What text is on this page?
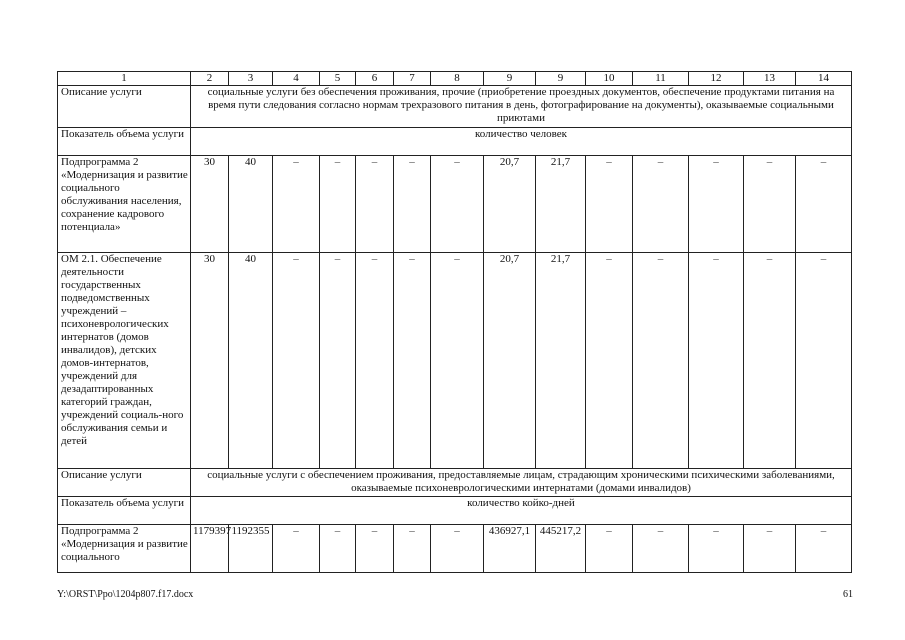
1	2	3	4	5	6	7	8	9	9	10	11	12	13	14
Описание услуги	социальные услуги без обеспечения проживания, прочие (приобретение проездных документов, обеспечение продуктами питания на время пути следования согласно нормам трехразового питания в день, фотографирование на документы), оказываемые социальными приютами													
Показатель объема услуги	количество человек													
Подпрограмма 2 «Модернизация и развитие социального обслуживания населения, сохранение кадрового потенциала»	30	40	–	–	–	–	–	20,7	21,7	–	–	–	–	–
ОМ 2.1. Обеспечение деятельности государственных подведомственных учреждений – психоневрологических интернатов (домов инвалидов), детских домов-интернатов, учреждений для дезадаптированных категорий граждан, учреждений социаль-ного обслуживания семьи и детей	30	40	–	–	–	–	–	20,7	21,7	–	–	–	–	–
Описание услуги	социальные услуги с обеспечением проживания, предоставляемые лицам, страдающим хроническими психическими заболеваниями, оказываемые психоневрологическими интернатами (домами инвалидов)													
Показатель объема услуги	количество койко-дней													
Подпрограмма 2 «Модернизация и развитие социального	1179397	1192355	–	–	–	–	–	436927,1	445217,2	–	–	–	–	–
Y:\ORST\Ppo\1204p807.f17.docx	61
